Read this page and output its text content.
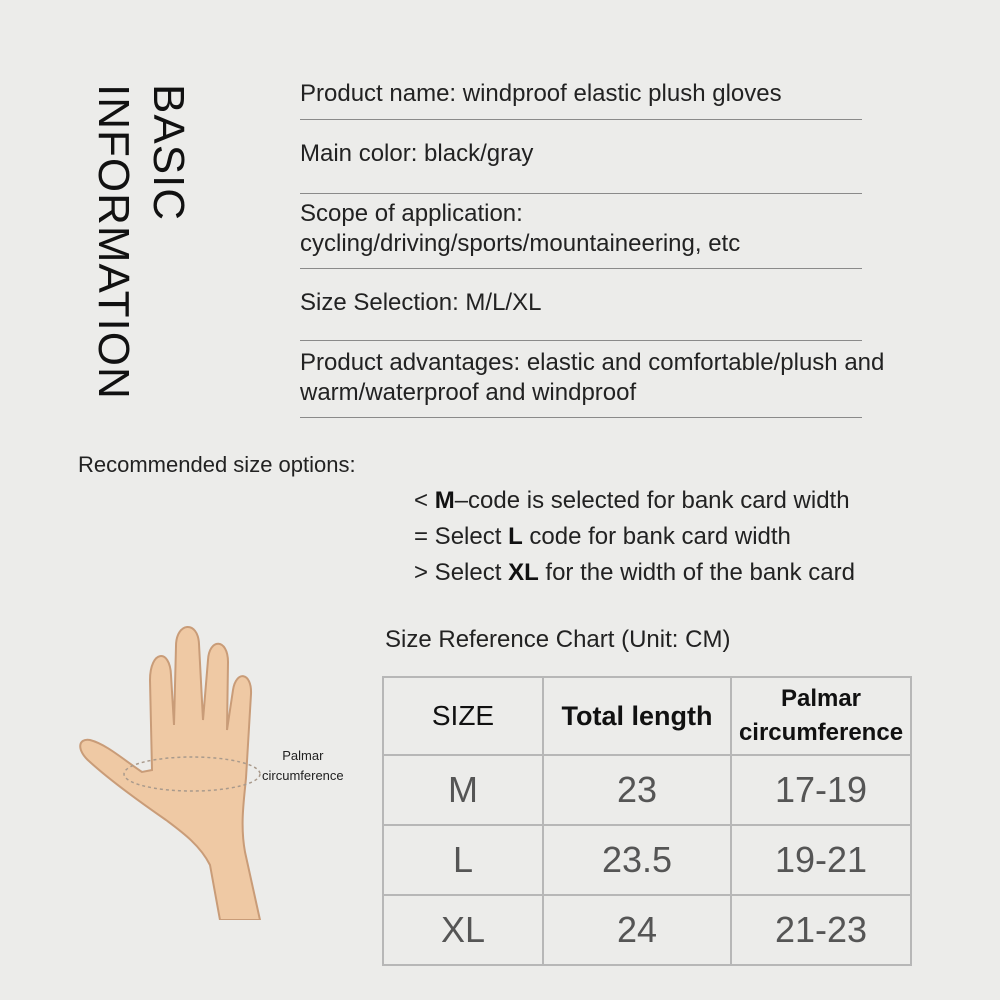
BASIC
INFORMATION	Product name: windproof elastic plush gloves
Main color: black/gray
Scope of application:
cycling/driving/sports/mountaineering, etc
Size Selection: M/L/XL
Product advantages: elastic and comfortable/plush and
warm/waterproof and windproof
Recommended size options:
< M–code is selected for bank card width
= Select L code for bank card width
> Select XL for the width of the bank card
Size Reference Chart (Unit: CM)
Palmar
circumference
SIZE	Total length	Palmar
circumference

M	23	17-19
L	23.5	19-21
XL	24	21-23
